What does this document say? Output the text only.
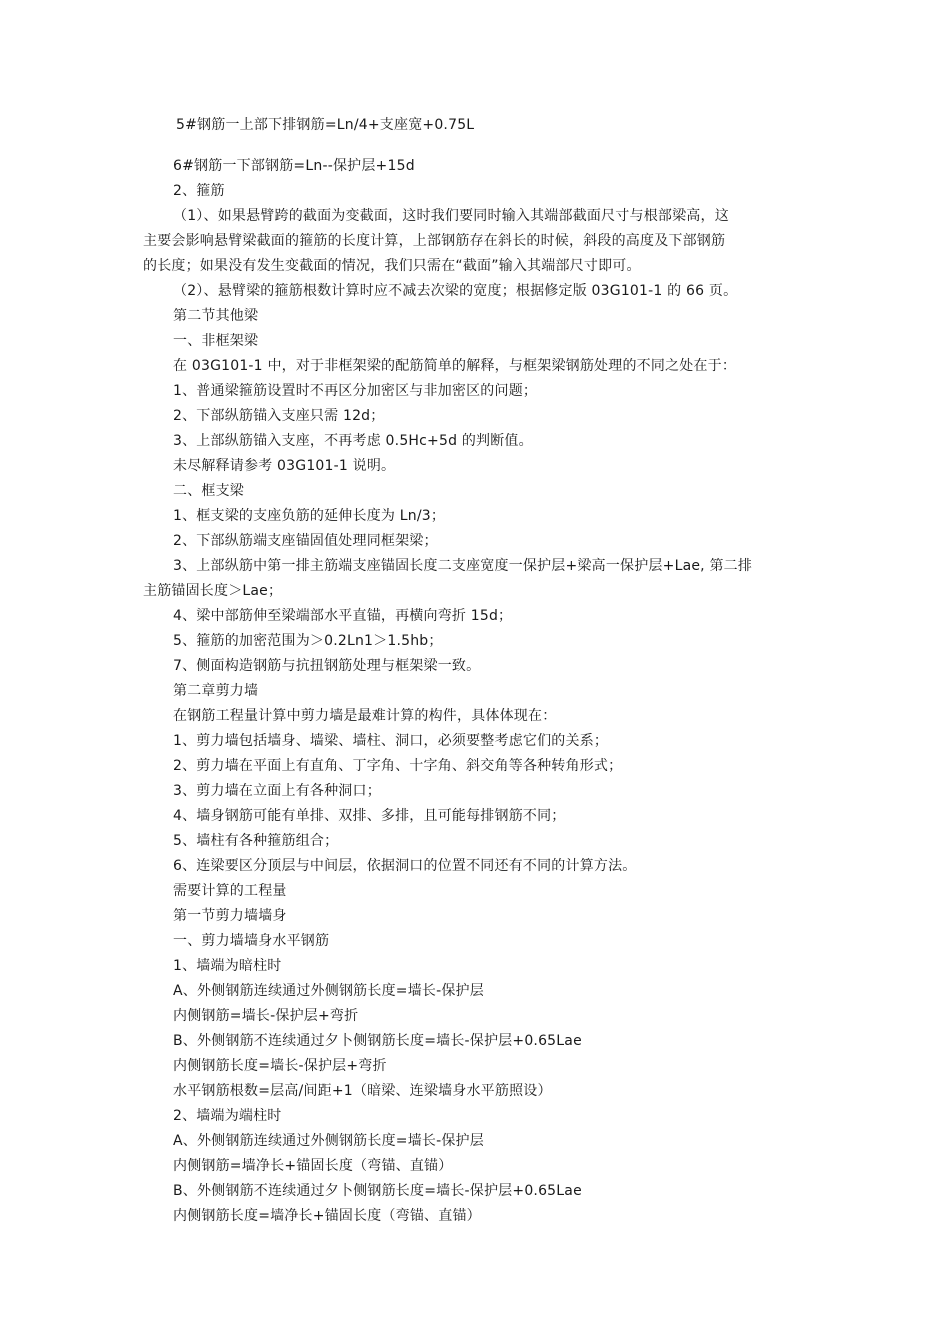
5#钢筋一上部下排钢筋=Ln/4+支座宽+0.75L
6#钢筋一下部钢筋=Ln--保护层+15d
2、箍筋
（1）、如果悬臂跨的截面为变截面，这时我们要同时输入其端部截面尺寸与根部梁高，这
主要会影响悬臂梁截面的箍筋的长度计算，上部钢筋存在斜长的时候，斜段的高度及下部钢筋
的长度；如果没有发生变截面的情况，我们只需在“截面”输入其端部尺寸即可。
（2）、悬臂梁的箍筋根数计算时应不减去次梁的宽度；根据修定版 03G101-1 的 66 页。
第二节其他梁
一、非框架梁
在 03G101-1 中，对于非框架梁的配筋简单的解释，与框架梁钢筋处理的不同之处在于：
1、普通梁箍筋设置时不再区分加密区与非加密区的问题；
2、下部纵筋锚入支座只需 12d；
3、上部纵筋锚入支座，不再考虑 0.5Hc+5d 的判断值。
未尽解释请参考 03G101-1 说明。
二、框支梁
1、框支梁的支座负筋的延伸长度为 Ln/3；
2、下部纵筋端支座锚固值处理同框架梁；
3、上部纵筋中第一排主筋端支座锚固长度二支座宽度一保护层+梁高一保护层+Lae, 第二排
主筋锚固长度＞Lae；
4、梁中部筋伸至梁端部水平直锚，再横向弯折 15d；
5、箍筋的加密范围为＞0.2Ln1＞1.5hb；
7、侧面构造钢筋与抗扭钢筋处理与框架梁一致。
第二章剪力墙
在钢筋工程量计算中剪力墙是最难计算的构件，具体体现在：
1、剪力墙包括墙身、墙梁、墙柱、洞口，必须要整考虑它们的关系；
2、剪力墙在平面上有直角、丁字角、十字角、斜交角等各种转角形式；
3、剪力墙在立面上有各种洞口；
4、墙身钢筋可能有单排、双排、多排，且可能每排钢筋不同；
5、墙柱有各种箍筋组合；
6、连梁要区分顶层与中间层，依据洞口的位置不同还有不同的计算方法。
需要计算的工程量
第一节剪力墙墙身
一、剪力墙墙身水平钢筋
1、墙端为暗柱时
A、外侧钢筋连续通过外侧钢筋长度=墙长-保护层
内侧钢筋=墙长-保护层+弯折
B、外侧钢筋不连续通过夕卜侧钢筋长度=墙长-保护层+0.65Lae
内侧钢筋长度=墙长-保护层+弯折
水平钢筋根数=层高/间距+1（暗梁、连梁墙身水平筋照设）
2、墙端为端柱时
A、外侧钢筋连续通过外侧钢筋长度=墙长-保护层
内侧钢筋=墙净长+锚固长度（弯锚、直锚）
B、外侧钢筋不连续通过夕卜侧钢筋长度=墙长-保护层+0.65Lae
内侧钢筋长度=墙净长+锚固长度（弯锚、直锚）
